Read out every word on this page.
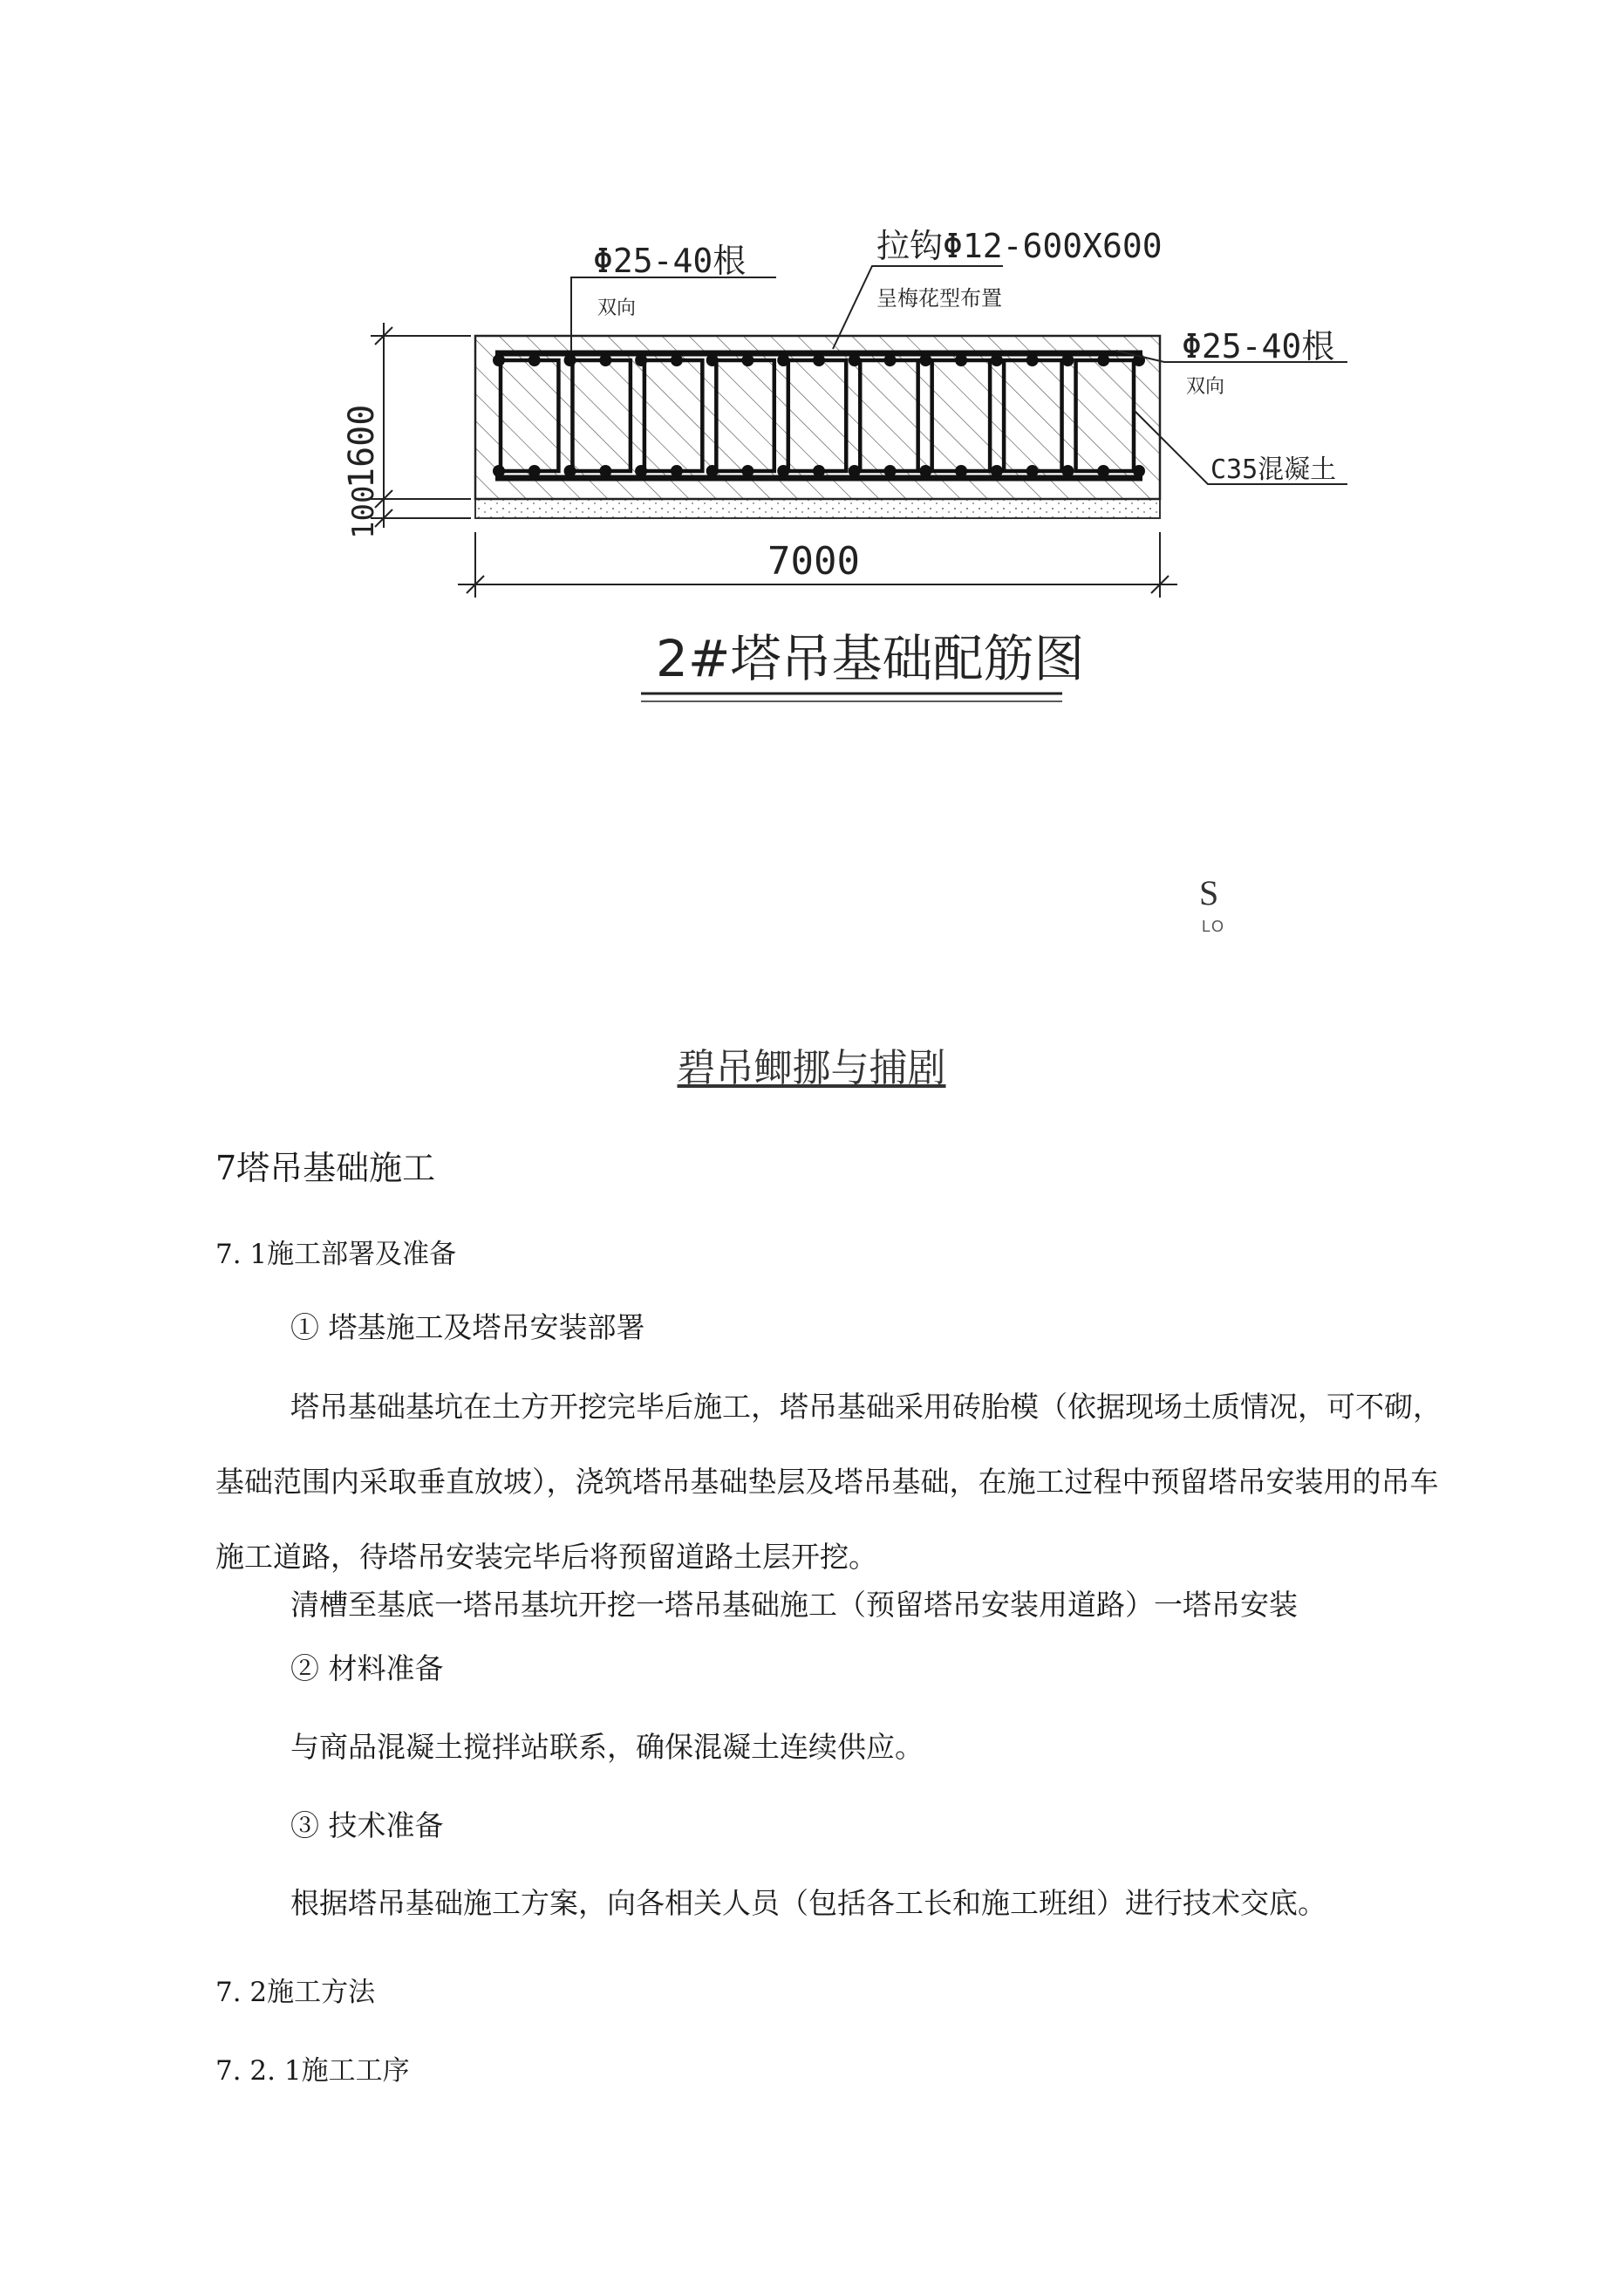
Φ25-40根
双向
拉钩Φ12-600X600
呈梅花型布置
Φ25-40根
双向
C35混凝土
1600
100
7000
2#塔吊基础配筋图
S
LO
碧吊鲫挪与捕剧
7塔吊基础施工
7. 1施工部署及准备
① 塔基施工及塔吊安装部署
塔吊基础基坑在土方开挖完毕后施工，塔吊基础采用砖胎模（依据现场土质情况，可不砌，基础范围内采取垂直放坡），浇筑塔吊基础垫层及塔吊基础，在施工过程中预留塔吊安装用的吊车施工道路，待塔吊安装完毕后将预留道路土层开挖。
清槽至基底一塔吊基坑开挖一塔吊基础施工（预留塔吊安装用道路）一塔吊安装
② 材料准备
与商品混凝土搅拌站联系，确保混凝土连续供应。
③ 技术准备
根据塔吊基础施工方案，向各相关人员（包括各工长和施工班组）进行技术交底。
7. 2施工方法
7. 2. 1施工工序
